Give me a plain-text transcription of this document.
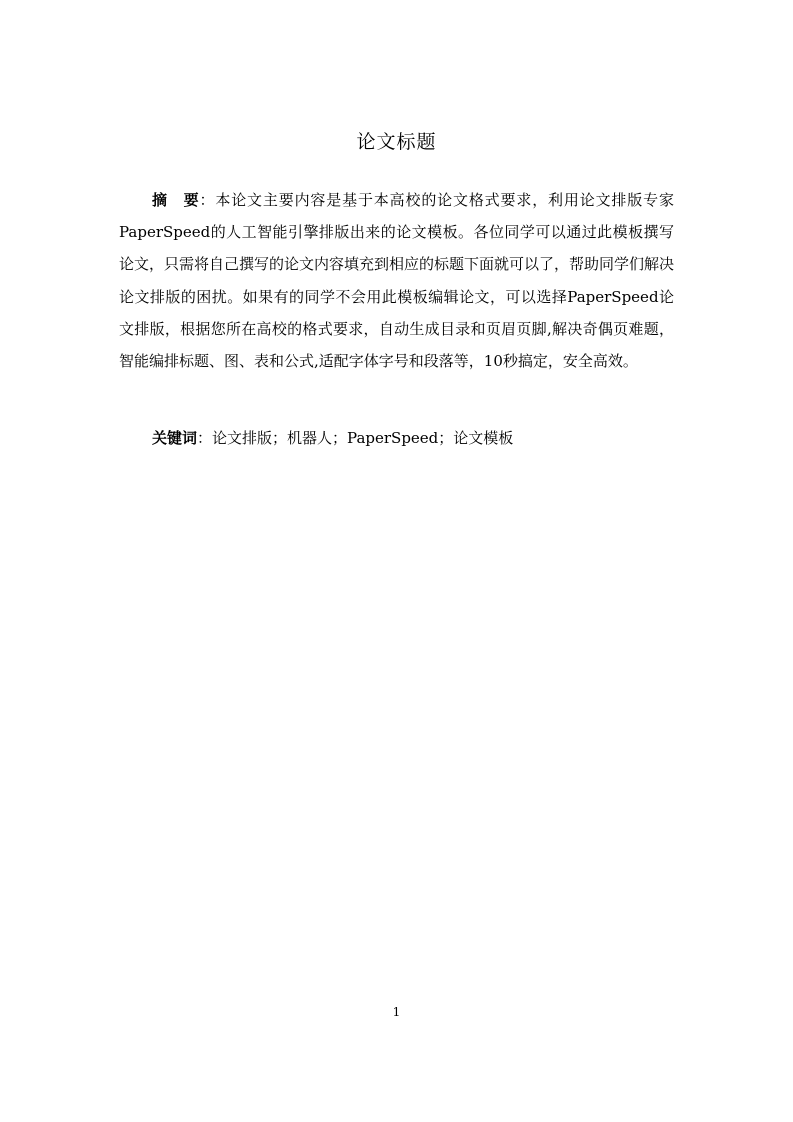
论文标题

摘 要：本论文主要内容是基于本高校的论文格式要求，利用论文排版专家PaperSpeed的人工智能引擎排版出来的论文模板。各位同学可以通过此模板撰写论文，只需将自己撰写的论文内容填充到相应的标题下面就可以了，帮助同学们解决论文排版的困扰。如果有的同学不会用此模板编辑论文，可以选择PaperSpeed论文排版，根据您所在高校的格式要求，自动生成目录和页眉页脚,解决奇偶页难题，智能编排标题、图、表和公式,适配字体字号和段落等，10秒搞定，安全高效。

关键词：论文排版；机器人；PaperSpeed；论文模板

1
